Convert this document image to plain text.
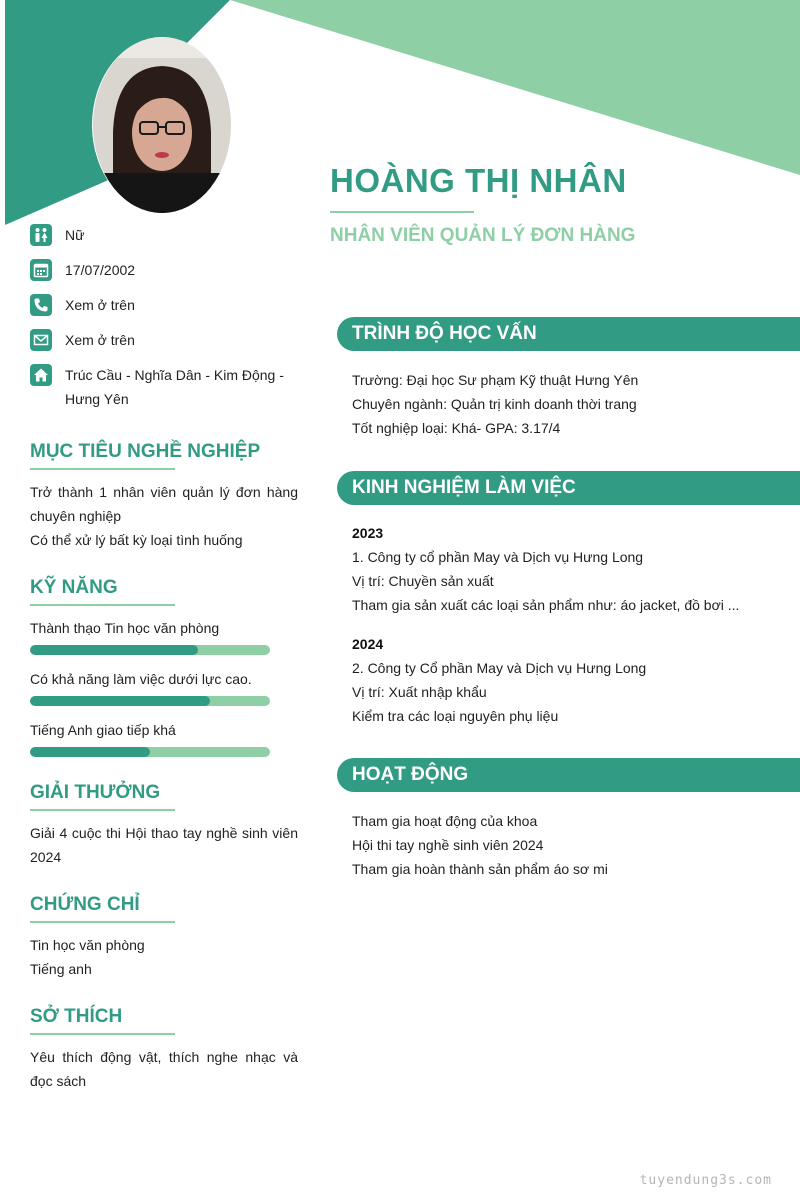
HOÀNG THỊ NHÂN
NHÂN VIÊN QUẢN LÝ ĐƠN HÀNG
Nữ
17/07/2002
Xem ở trên
Xem ở trên
Trúc Cầu - Nghĩa Dân - Kim Động - Hưng Yên
MỤC TIÊU NGHỀ NGHIỆP
Trở thành 1 nhân viên quản lý đơn hàng chuyên nghiệp
Có thể xử lý bất kỳ loại tình huống
KỸ NĂNG
Thành thạo Tin học văn phòng
Có khả năng làm việc dưới lực cao.
Tiếng Anh giao tiếp khá
GIẢI THƯỞNG
Giải 4 cuộc thi Hội thao tay nghề sinh viên 2024
CHỨNG CHỈ
Tin học văn phòng
Tiếng anh
SỞ THÍCH
Yêu thích động vật, thích nghe nhạc và đọc sách
TRÌNH ĐỘ HỌC VẤN
Trường: Đại học Sư phạm Kỹ thuật Hưng Yên
Chuyên ngành: Quản trị kinh doanh thời trang
Tốt nghiệp loại: Khá- GPA: 3.17/4
KINH NGHIỆM LÀM VIỆC
2023
1. Công ty cổ phần May và Dịch vụ Hưng Long
Vị trí: Chuyền sản xuất
Tham gia sản xuất các loại sản phẩm như: áo jacket, đồ bơi ...
2024
2. Công ty Cổ phần May và Dịch vụ Hưng Long
Vị trí: Xuất nhập khẩu
Kiểm tra các loại nguyên phụ liệu
HOẠT ĐỘNG
Tham gia hoạt động của khoa
Hội thi tay nghề sinh viên 2024
Tham gia hoàn thành sản phẩm áo sơ mi
tuyendung3s.com
